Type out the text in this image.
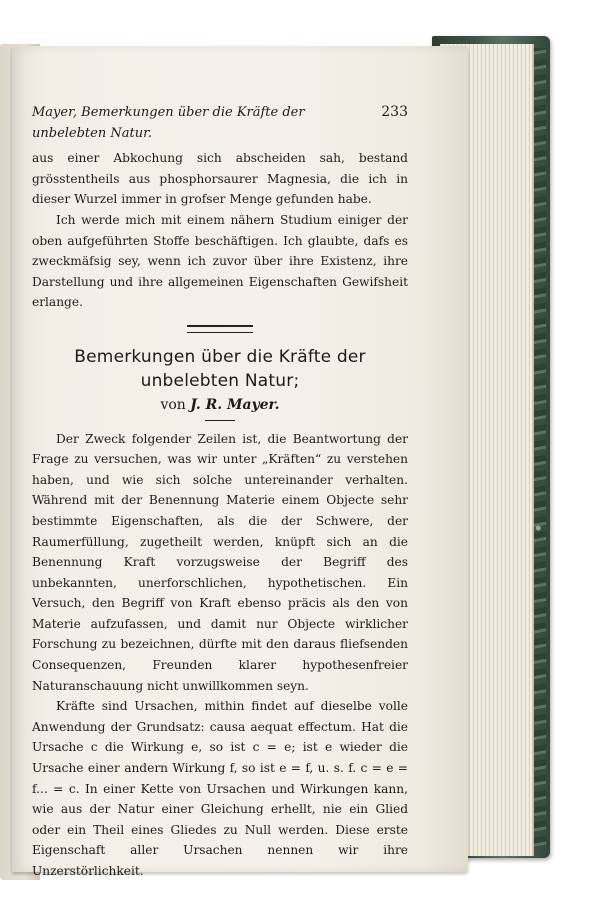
Mayer, Bemerkungen über die Kräfte der unbelebten Natur.
233

aus einer Abkochung sich abscheiden sah, bestand grösstentheils aus phosphorsaurer Magnesia, die ich in dieser Wurzel immer in grofser Menge gefunden habe.

Ich werde mich mit einem nähern Studium einiger der oben aufgeführten Stoffe beschäftigen. Ich glaubte, dafs es zweckmäfsig sey, wenn ich zuvor über ihre Existenz, ihre Darstellung und ihre allgemeinen Eigenschaften Gewifsheit erlange.

Bemerkungen über die Kräfte der unbelebten Natur;

von J. R. Mayer.

Der Zweck folgender Zeilen ist, die Beantwortung der Frage zu versuchen, was wir unter „Kräften“ zu verstehen haben, und wie sich solche untereinander verhalten. Während mit der Benennung Materie einem Objecte sehr bestimmte Eigenschaften, als die der Schwere, der Raumerfüllung, zugetheilt werden, knüpft sich an die Benennung Kraft vorzugsweise der Begriff des unbekannten, unerforschlichen, hypothetischen. Ein Versuch, den Begriff von Kraft ebenso präcis als den von Materie aufzufassen, und damit nur Objecte wirklicher Forschung zu bezeichnen, dürfte mit den daraus fliefsenden Consequenzen, Freunden klarer hypothesenfreier Naturanschauung nicht unwillkommen seyn.

Kräfte sind Ursachen, mithin findet auf dieselbe volle Anwendung der Grundsatz: causa aequat effectum. Hat die Ursache c die Wirkung e, so ist c = e; ist e wieder die Ursache einer andern Wirkung f, so ist e = f, u. s. f. c = e = f... = c. In einer Kette von Ursachen und Wirkungen kann, wie aus der Natur einer Gleichung erhellt, nie ein Glied oder ein Theil eines Gliedes zu Null werden. Diese erste Eigenschaft aller Ursachen nennen wir ihre Unzerstörlichkeit.
